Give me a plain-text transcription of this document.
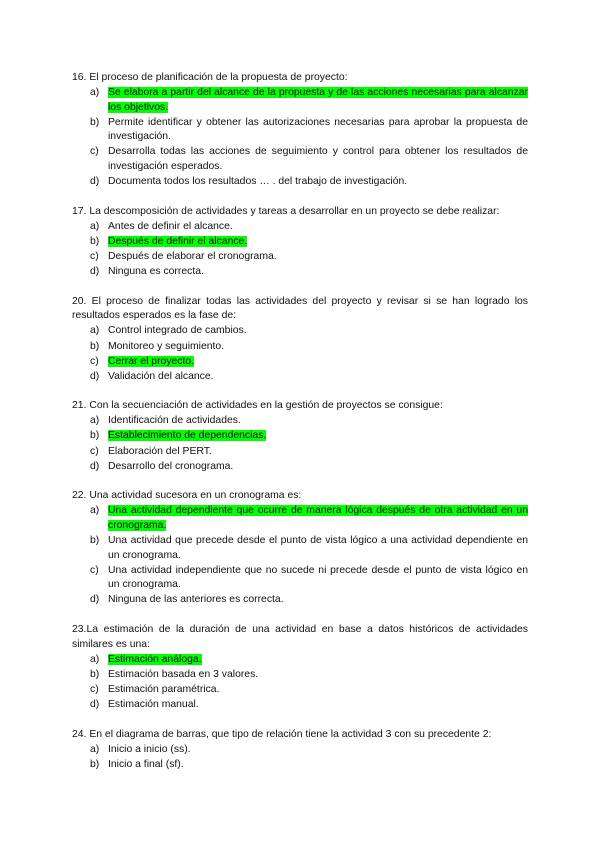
16. El proceso de planificación de la propuesta de proyecto:
a) Se elabora a partir del alcance de la propuesta y de las acciones necesarias para alcanzar los objetivos.
b) Permite identificar y obtener las autorizaciones necesarias para aprobar la propuesta de investigación.
c) Desarrolla todas las acciones de seguimiento y control para obtener los resultados de investigación esperados.
d) Documenta todos los resultados … . del trabajo de investigación.
17. La descomposición de actividades y tareas a desarrollar en un proyecto se debe realizar:
a) Antes de definir el alcance.
b) Después de definir el alcance.
c) Después de elaborar el cronograma.
d) Ninguna es correcta.
20. El proceso de finalizar todas las actividades del proyecto y revisar si se han logrado los resultados esperados es la fase de:
a) Control integrado de cambios.
b) Monitoreo y seguimiento.
c) Cerrar el proyecto.
d) Validación del alcance.
21. Con la secuenciación de actividades en la gestión de proyectos se consigue:
a) Identificación de actividades.
b) Establecimiento de dependencias.
c) Elaboración del PERT.
d) Desarrollo del cronograma.
22. Una actividad sucesora en un cronograma es:
a) Una actividad dependiente que ocurre de manera lógica después de otra actividad en un cronograma.
b) Una actividad que precede desde el punto de vista lógico a una actividad dependiente en un cronograma.
c) Una actividad independiente que no sucede ni precede desde el punto de vista lógico en un cronograma.
d) Ninguna de las anteriores es correcta.
23.La estimación de la duración de una actividad en base a datos históricos de actividades similares es una:
a) Estimación análoga.
b) Estimación basada en 3 valores.
c) Estimación paramétrica.
d) Estimación manual.
24. En el diagrama de barras, que tipo de relación tiene la actividad 3 con su precedente 2:
a) Inicio a inicio (ss).
b) Inicio a final (sf).
